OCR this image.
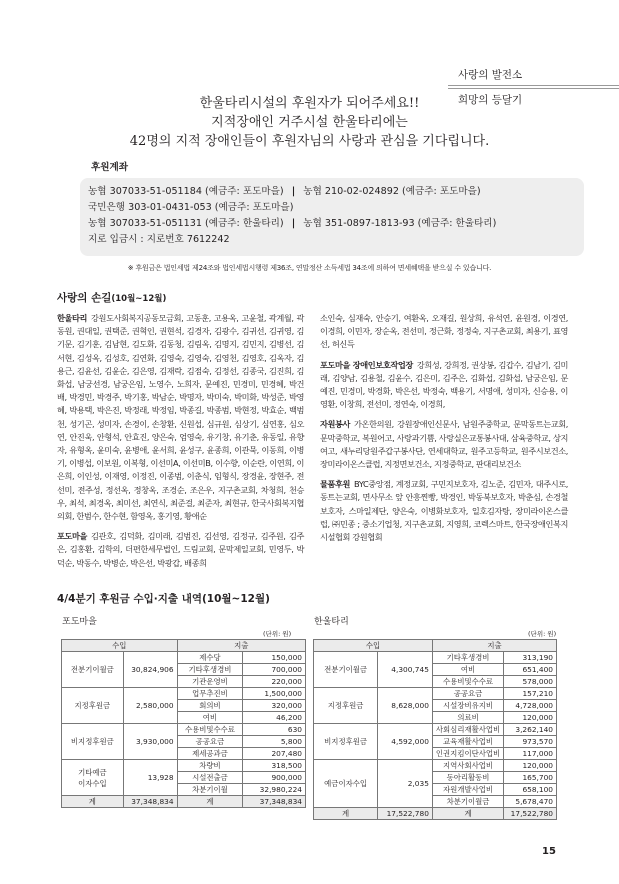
사랑의 발전소
희망의 등달기
한울타리시설의 후원자가 되어주세요!!
지적장애인 거주시설 한울타리에는
42명의 지적 장애인들이 후원자님의 사랑과 관심을 기다립니다.
후원계좌
농협 307033-51-051184 (예금주: 포도마을) | 농협 210-02-024892 (예금주: 포도마을)
국민은행 303-01-0431-053 (예금주: 포도마을)
농협 307033-51-051131 (예금주: 한울타리) | 농협 351-0897-1813-93 (예금주: 한울타리)
지로 입금시 : 지로번호 7612242
※ 후원금은 법인세법 제24조와 법인세법시행령 제36조, 연말정산 소득세법 34조에 의하여 면세혜택을 받으실 수 있습니다.
사랑의 손길(10월~12월)

한울타리 강원도사회복지공동모금회, 고동훈, 고용옥, 고윤철, 곽계월, 곽동원, 권대일, 권택준, 권혁인, 권현석, 김경자, 김광수, 김귀선, 김귀영, 김기문, 김기훈, 김남현, 김도화, 김동청, 김림옥, 김명지, 김민지, 김병선, 김서현, 김성옥, 김성호, 김연화, 김영숙, 김영숙, 김영천, 김영호, 김옥자, 김용근, 김윤선, 김윤순, 김은영, 김재락, 김점숙, 김정선, 김종국, 김진희, 김화섭, 남궁선경, 남궁은임, 노영수, 노희자, 문예진, 민경미, 민경혜, 박건배, 박경민, 박경주, 박기홍, 박남순, 박명자, 박미숙, 박미화, 박성준, 박영혜, 박용택, 박은진, 박정래, 박정임, 박종길, 박종범, 박현정, 박효순, 백범천, 성기곤, 성미자, 손경이, 손창환, 신원섭, 심규원, 심상기, 심연홍, 심오연, 안진욱, 안형석, 안효진, 양은숙, 엄영숙, 유기창, 유기춘, 유동일, 유향자, 유형옥, 윤미숙, 윤병애, 윤서희, 윤성구, 윤종희, 이관묵, 이동희, 이병기, 이병섭, 이보원, 이복형, 이선미A, 이선미B, 이수향, 이순란, 이연희, 이은희, 이인성, 이재영, 이정진, 이종범, 이춘식, 임형식, 장경윤, 장현주, 전선미, 전주성, 정선옥, 정창옥, 조경순, 조은우, 지구촌교회, 차청희, 천승우, 최석, 최경옥, 최미선, 최연식, 최준걸, 최준자, 최현규, 한국사회복지협의회, 한범수, 한수현, 함영옥, 홍기영, 황애순

포도마을 김관호, 김덕화, 김미래, 김범진, 김선영, 김정규, 김주원, 김주은, 김홍환, 김학의, 더편한세무법인, 드림교회, 문막제일교회, 민영두, 박덕순, 박동수, 박병순, 박은선, 박광갑, 배종희

소인숙, 심재숙, 안승기, 여환옥, 오재길, 원상희, 유석연, 윤원경, 이경연, 이경희, 이민자, 장순옥, 전선미, 정근화, 정정숙, 지구촌교회, 최용기, 표영선, 허신득

포도마을 장애인보호작업장 강희성, 강희정, 권상봉, 김갑수, 김남기, 김미래, 김양남, 김용철, 김윤수, 김은미, 김주은, 김화섭, 김화섭, 남궁은임, 문예진, 민경미, 박경화, 박은선, 박정숙, 백용기, 서명애, 성미자, 신승용, 이영환, 이창희, 전선미, 정연숙, 이경희,

자원봉사 가온한의원, 강원장애인신문사, 남원주중학교, 문막동트는교회, 문막중학교, 복원어고, 사랑과기쁨, 사랑실은교통봉사대, 삼육중학교, 상지여고, 새누리당원주갑구봉사단, 연세대학교, 원주고등학교, 원주시보건소, 장미라이온스클럽, 지정면보건소, 지정중학교, 판대리보건소

물품후원 BYC중앙점, 계정교회, 구민지보호자, 김노준, 김민자, 대주시로, 동트는교회, 면사무소 앞 안흥찐빵, 박경인, 박동북보호자, 박춘심, 손경철보호자, 스마일제단, 양은숙, 이병화보호자, 일호김자탕, 장미라이온스클럽, ㈜민종 ; 중소기업청, 지구촌교회, 지영희, 코렉스마트, 한국장애인복지시설협회 강원협회

4/4분기 후원금 수입·지출 내역(10월~12월)
포도마을
(단위: 원)
수입		지출	
전분기이월금	30,824,906	제수당	150,000
		기타후생경비	700,000
		기관운영비	220,000
지정후원금	2,580,000	업무추진비	1,500,000
		회의비	320,000
		여비	46,200
비지정후원금	3,930,000	수용비및수수료	630
		공공요금	5,800
		제세공과금	207,480
기타예금
이자수입	13,928	차량비	318,500
		시설전출금	900,000
		차분기이월	32,980,224
계	37,348,834	계	37,348,834
한울타리
(단위: 원)
수입		지출	
전분기이월금	4,300,745	기타후생경비	313,190
		여비	651,400
		수용비및수수료	578,000
지정후원금	8,628,000	공공요금	157,210
		시설장비유지비	4,728,000
		의료비	120,000
비지정후원금	4,592,000	사회심리재활사업비	3,262,140
		교육재활사업비	973,570
		인권지킴이단사업비	117,000
예금이자수입	2,035	지역사회사업비	120,000
		동아리활동비	165,700
		자원개발사업비	658,100
		차분기이월금	5,678,470
계	17,522,780	계	17,522,780
15
